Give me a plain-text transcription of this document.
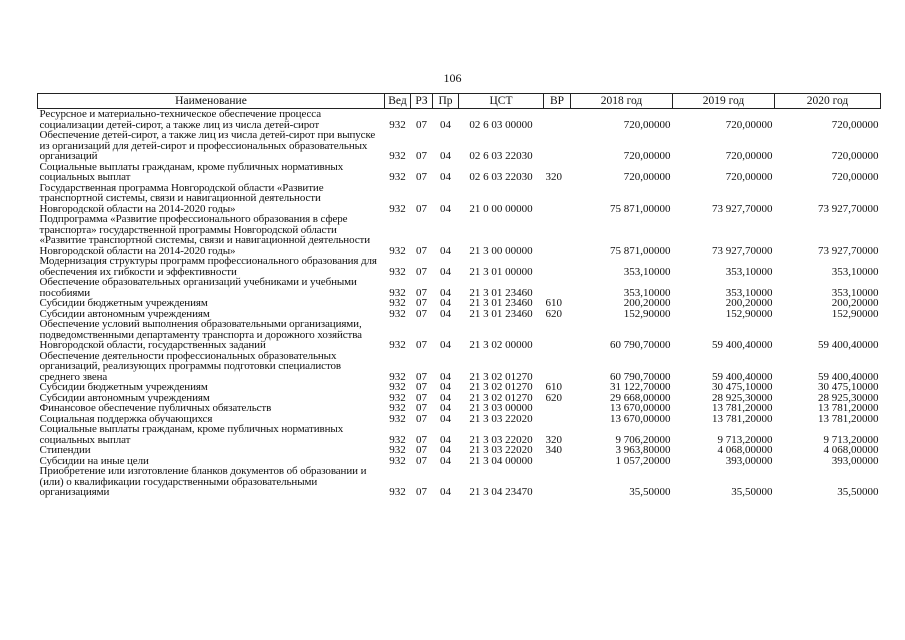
106
Наименование	Вед	РЗ	Пр	ЦСТ	ВР	2018 год	2019 год	2020 год
Ресурсное и материально-техническое обеспечение процесса социализации детей-сирот, а также лиц из числа детей-сирот	932	07	04	02 6 03 00000		720,00000	720,00000	720,00000
Обеспечение детей-сирот, а также лиц из числа детей-сирот при выпуске из организаций для детей-сирот и профессиональных образовательных организаций	932	07	04	02 6 03 22030		720,00000	720,00000	720,00000
Социальные выплаты гражданам, кроме публичных нормативных социальных выплат	932	07	04	02 6 03 22030	320	720,00000	720,00000	720,00000
Государственная программа Новгородской области «Развитие транспортной системы, связи и навигационной деятельности Новгородской области на 2014-2020 годы»	932	07	04	21 0 00 00000		75 871,00000	73 927,70000	73 927,70000
Подпрограмма «Развитие профессионального образования в сфере транспорта» государственной программы Новгородской области «Развитие транспортной системы, связи и навигационной деятельности Новгородской области на 2014-2020 годы»	932	07	04	21 3 00 00000		75 871,00000	73 927,70000	73 927,70000
Модернизация структуры программ профессионального образования для обеспечения их гибкости и эффективности	932	07	04	21 3 01 00000		353,10000	353,10000	353,10000
Обеспечение образовательных организаций учебниками и учебными пособиями	932	07	04	21 3 01 23460		353,10000	353,10000	353,10000
Субсидии бюджетным учреждениям	932	07	04	21 3 01 23460	610	200,20000	200,20000	200,20000
Субсидии автономным учреждениям	932	07	04	21 3 01 23460	620	152,90000	152,90000	152,90000
Обеспечение условий выполнения образовательными организациями, подведомственными департаменту транспорта и дорожного хозяйства Новгородской области, государственных заданий	932	07	04	21 3 02 00000		60 790,70000	59 400,40000	59 400,40000
Обеспечение деятельности профессиональных образовательных организаций, реализующих программы подготовки специалистов среднего звена	932	07	04	21 3 02 01270		60 790,70000	59 400,40000	59 400,40000
Субсидии бюджетным учреждениям	932	07	04	21 3 02 01270	610	31 122,70000	30 475,10000	30 475,10000
Субсидии автономным учреждениям	932	07	04	21 3 02 01270	620	29 668,00000	28 925,30000	28 925,30000
Финансовое обеспечение публичных обязательств	932	07	04	21 3 03 00000		13 670,00000	13 781,20000	13 781,20000
Социальная поддержка обучающихся	932	07	04	21 3 03 22020		13 670,00000	13 781,20000	13 781,20000
Социальные выплаты гражданам, кроме публичных нормативных социальных выплат	932	07	04	21 3 03 22020	320	9 706,20000	9 713,20000	9 713,20000
Стипендии	932	07	04	21 3 03 22020	340	3 963,80000	4 068,00000	4 068,00000
Субсидии на иные цели	932	07	04	21 3 04 00000		1 057,20000	393,00000	393,00000
Приобретение или изготовление бланков документов об образовании и (или) о квалификации государственными образовательными организациями	932	07	04	21 3 04 23470		35,50000	35,50000	35,50000
